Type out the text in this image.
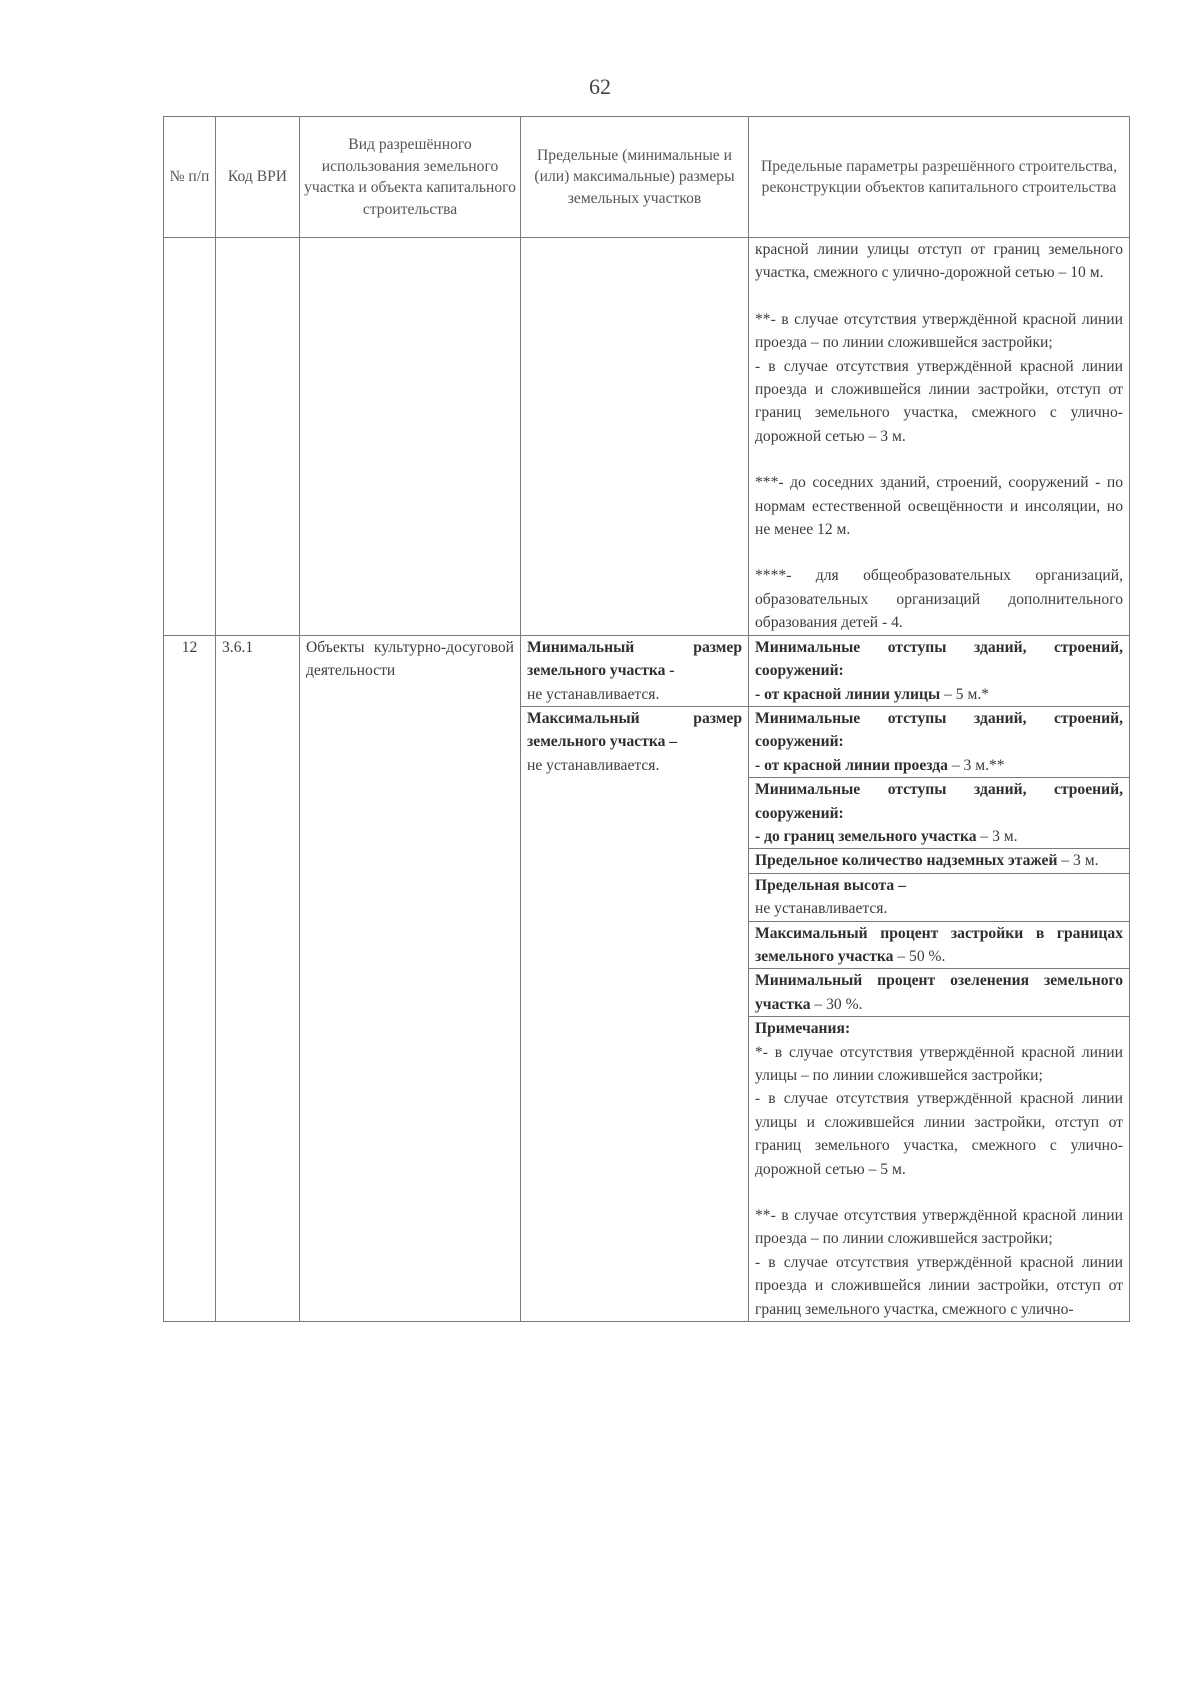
62
№ п/п	Код ВРИ	Вид разрешённого использования земельного участка и объекта капитального строительства	Предельные (минимальные и (или) максимальные) размеры земельных участков	Предельные параметры разрешённого строительства, реконструкции объектов капитального строительства

				красной линии улицы отступ от границ земельного участка, смежного с улично-дорожной сетью – 10 м.
**- в случае отсутствия утверждённой красной линии проезда – по линии сложившейся застройки;
- в случае отсутствия утверждённой красной линии проезда и сложившейся линии застройки, отступ от границ земельного участка, смежного с улично-дорожной сетью – 3 м.
***- до соседних зданий, строений, сооружений - по нормам естественной освещённости и инсоляции, но не менее 12 м.
****- для общеобразовательных организаций, образовательных организаций дополнительного образования детей - 4.

12	3.6.1	Объекты культурно-досуговой деятельности	Минимальный размер земельного участка -
не устанавливается.	Минимальные отступы зданий, строений, сооружений:
- от красной линии улицы – 5 м.*
			Максимальный размер земельного участка –
не устанавливается.	Минимальные отступы зданий, строений, сооружений:
- от красной линии проезда – 3 м.**

				Минимальные отступы зданий, строений, сооружений:
- до границ земельного участка – 3 м.
				Предельное количество надземных этажей – 3 м.

				Предельная высота –
не устанавливается.
				Максимальный процент застройки в границах земельного участка – 50 %.
				Минимальный процент озеленения земельного участка – 30 %.

				Примечания:
*- в случае отсутствия утверждённой красной линии улицы – по линии сложившейся застройки;
- в случае отсутствия утверждённой красной линии улицы и сложившейся линии застройки, отступ от границ земельного участка, смежного с улично-дорожной сетью – 5 м.
**- в случае отсутствия утверждённой красной линии проезда – по линии сложившейся застройки;
- в случае отсутствия утверждённой красной линии проезда и сложившейся линии застройки, отступ от границ земельного участка, смежного с улично-
